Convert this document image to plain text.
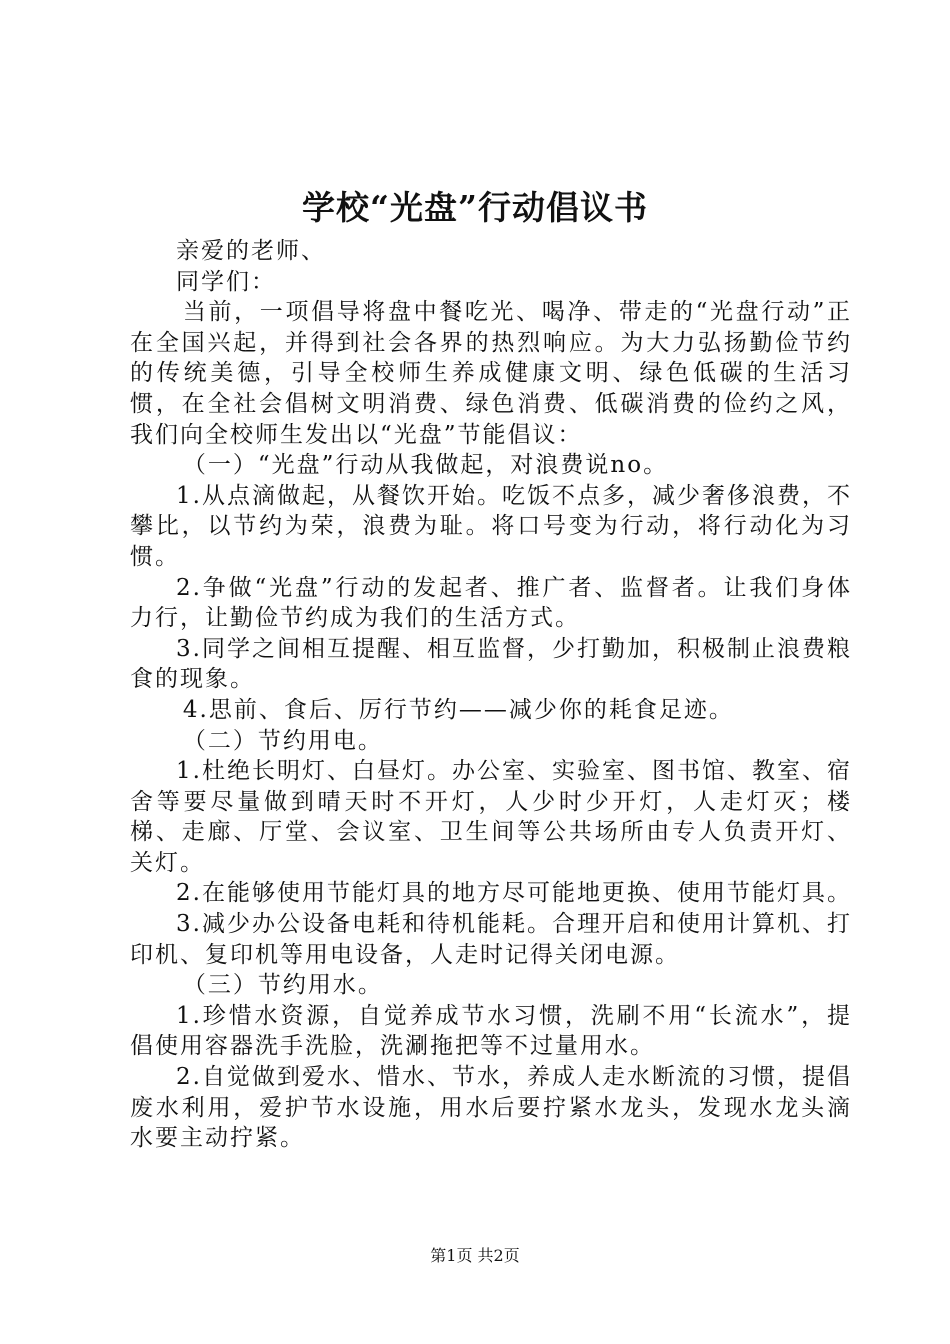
学校“光盘”行动倡议书

亲爱的老师、

同学们：

当前，一项倡导将盘中餐吃光、喝净、带走的“光盘行动”正在全国兴起，并得到社会各界的热烈响应。为大力弘扬勤俭节约的传统美德，引导全校师生养成健康文明、绿色低碳的生活习惯，在全社会倡树文明消费、绿色消费、低碳消费的俭约之风，我们向全校师生发出以“光盘”节能倡议：

（一）“光盘”行动从我做起，对浪费说no。

1.从点滴做起，从餐饮开始。吃饭不点多，减少奢侈浪费，不攀比，以节约为荣，浪费为耻。将口号变为行动，将行动化为习惯。

2.争做“光盘”行动的发起者、推广者、监督者。让我们身体力行，让勤俭节约成为我们的生活方式。

3.同学之间相互提醒、相互监督，少打勤加，积极制止浪费粮食的现象。

4.思前、食后、厉行节约——减少你的耗食足迹。

（二）节约用电。

1.杜绝长明灯、白昼灯。办公室、实验室、图书馆、教室、宿舍等要尽量做到晴天时不开灯，人少时少开灯，人走灯灭；楼梯、走廊、厅堂、会议室、卫生间等公共场所由专人负责开灯、关灯。

2.在能够使用节能灯具的地方尽可能地更换、使用节能灯具。

3.减少办公设备电耗和待机能耗。合理开启和使用计算机、打印机、复印机等用电设备，人走时记得关闭电源。

（三）节约用水。

1.珍惜水资源，自觉养成节水习惯，洗刷不用“长流水”，提倡使用容器洗手洗脸，洗涮拖把等不过量用水。

2.自觉做到爱水、惜水、节水，养成人走水断流的习惯，提倡废水利用，爱护节水设施，用水后要拧紧水龙头，发现水龙头滴水要主动拧紧。

第1页 共2页
